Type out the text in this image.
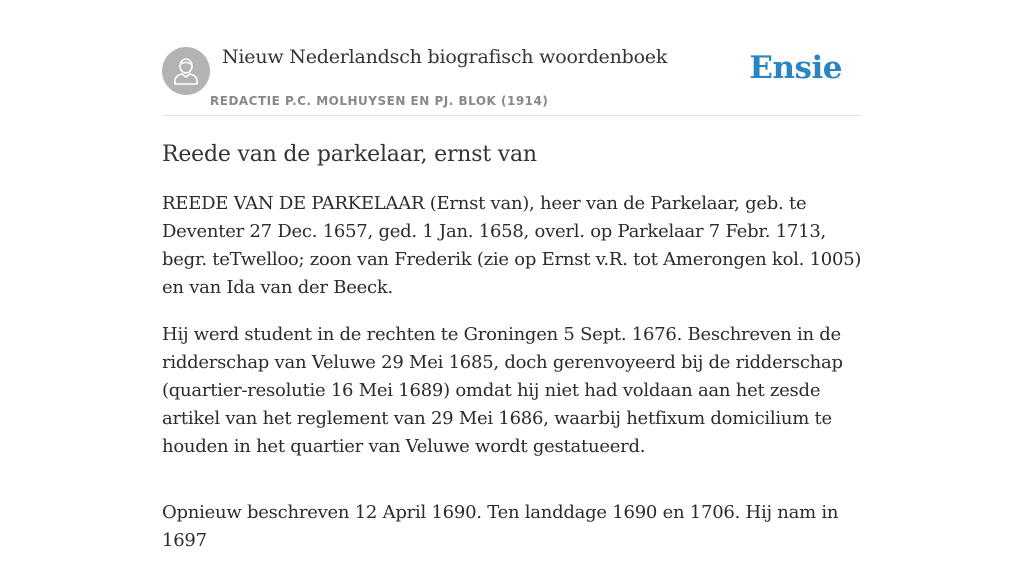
Nieuw Nederlandsch biografisch woordenboek
REDACTIE P.C. MOLHUYSEN EN PJ. BLOK (1914)
Ensie
Reede van de parkelaar, ernst van

REEDE VAN DE PARKELAAR (Ernst van), heer van de Parkelaar, geb. te Deventer 27 Dec. 1657, ged. 1 Jan. 1658, overl. op Parkelaar 7 Febr. 1713, begr. teTwelloo; zoon van Frederik (zie op Ernst v.R. tot Amerongen kol. 1005) en van Ida van der Beeck.

Hij werd student in de rechten te Groningen 5 Sept. 1676. Beschreven in de ridderschap van Veluwe 29 Mei 1685, doch gerenvoyeerd bij de ridderschap (quartier-resolutie 16 Mei 1689) omdat hij niet had voldaan aan het zesde artikel van het reglement van 29 Mei 1686, waarbij hetfixum domicilium te houden in het quartier van Veluwe wordt gestatueerd.

Opnieuw beschreven 12 April 1690. Ten landdage 1690 en 1706. Hij nam in 1697
